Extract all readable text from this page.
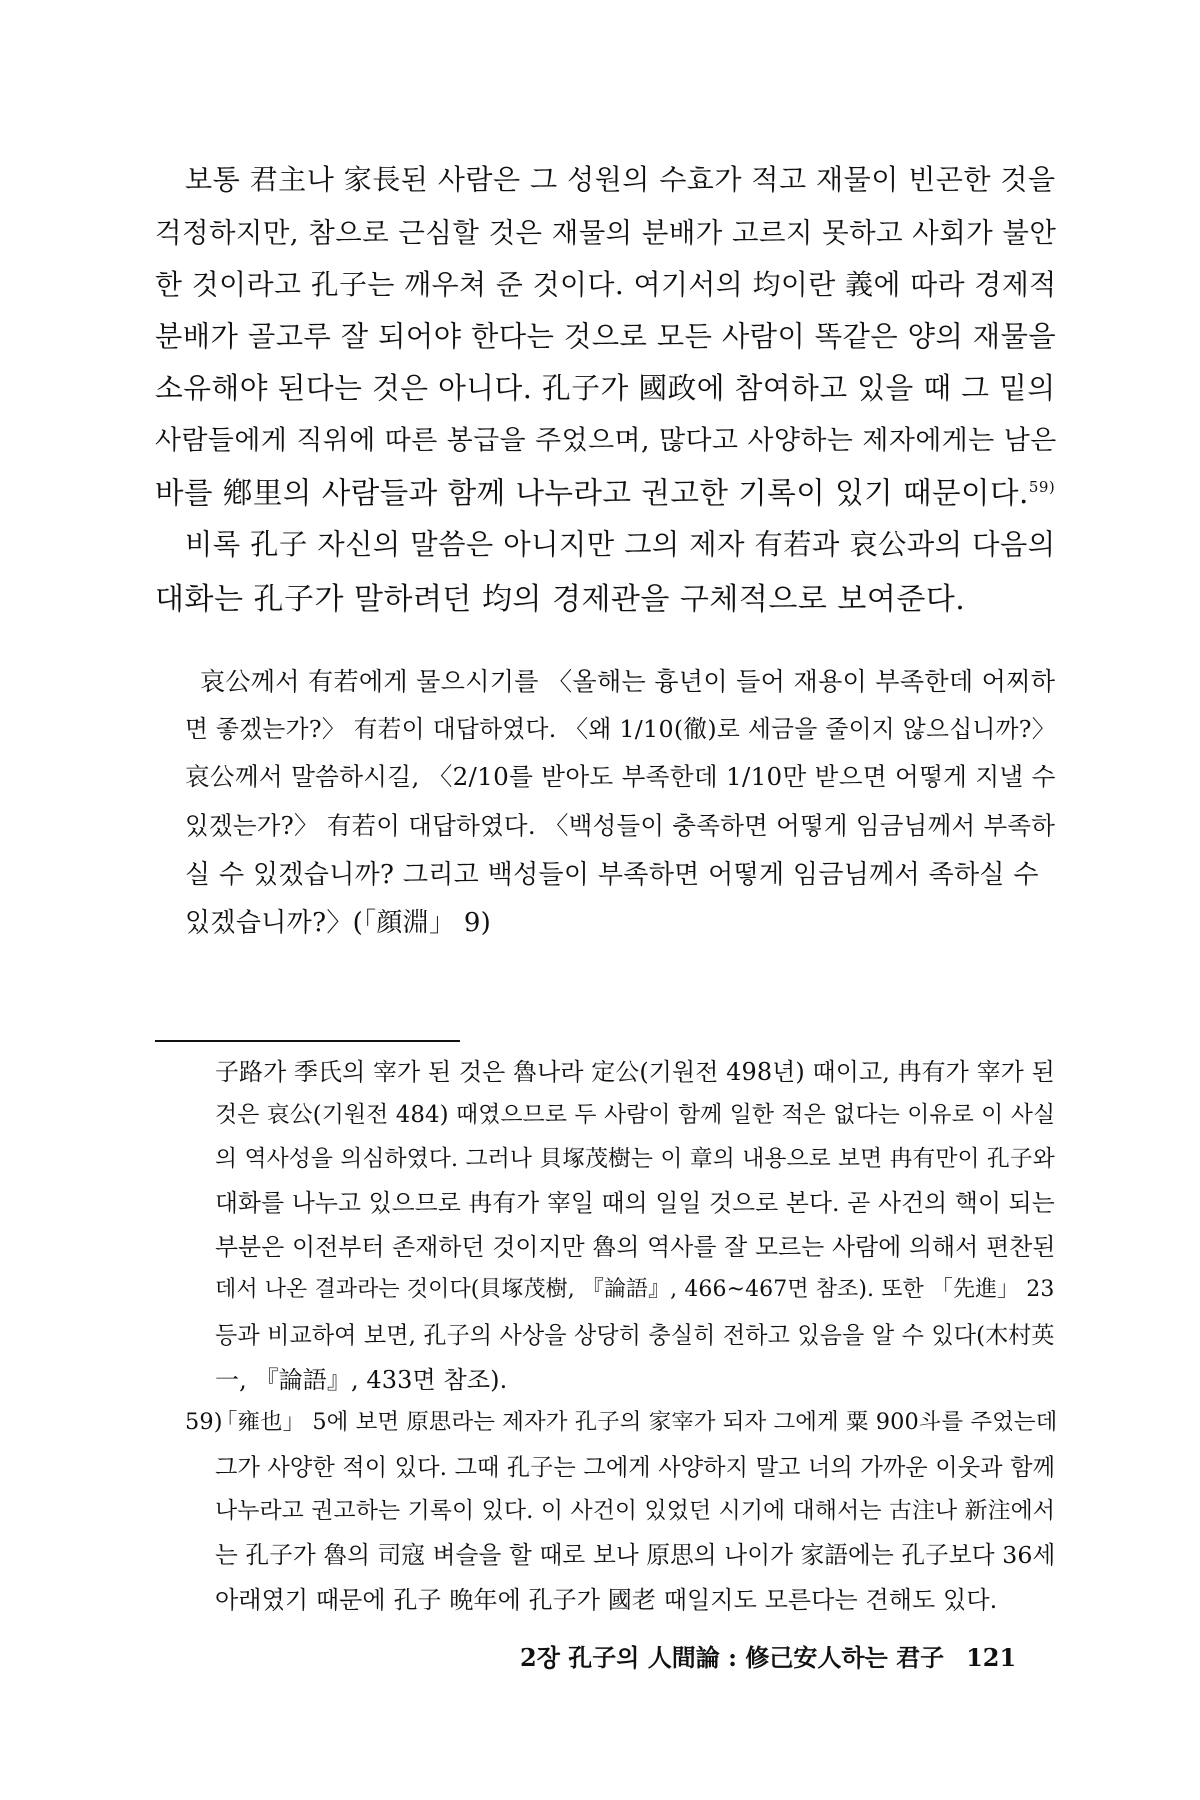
보통 君主나 家長된 사람은 그 성원의 수효가 적고 재물이 빈곤한 것을

걱정하지만, 참으로 근심할 것은 재물의 분배가 고르지 못하고 사회가 불안

한 것이라고 孔子는 깨우쳐 준 것이다. 여기서의 均이란 義에 따라 경제적

분배가 골고루 잘 되어야 한다는 것으로 모든 사람이 똑같은 양의 재물을

소유해야 된다는 것은 아니다. 孔子가 國政에 참여하고 있을 때 그 밑의

사람들에게 직위에 따른 봉급을 주었으며, 많다고 사양하는 제자에게는 남은

바를 鄕里의 사람들과 함께 나누라고 권고한 기록이 있기 때문이다.$^{59)}$

비록 孔子 자신의 말씀은 아니지만 그의 제자 有若과 哀公과의 다음의

대화는 孔子가 말하려던 均의 경제관을 구체적으로 보여준다.

哀公께서 有若에게 물으시기를 〈올해는 흉년이 들어 재용이 부족한데 어찌하

면 좋겠는가?〉 有若이 대답하였다. 〈왜 1/10(徹)로 세금을 줄이지 않으십니까?〉

哀公께서 말씀하시길, 〈2/10를 받아도 부족한데 1/10만 받으면 어떻게 지낼 수

있겠는가?〉 有若이 대답하였다. 〈백성들이 충족하면 어떻게 임금님께서 부족하

실 수 있겠습니까? 그리고 백성들이 부족하면 어떻게 임금님께서 족하실 수

있겠습니까?〉(「顔淵」 9)

子路가 季氏의 宰가 된 것은 魯나라 定公(기원전 498년) 때이고, 冉有가 宰가 된

것은 哀公(기원전 484) 때였으므로 두 사람이 함께 일한 적은 없다는 이유로 이 사실

의 역사성을 의심하였다. 그러나 貝塚茂樹는 이 章의 내용으로 보면 冉有만이 孔子와

대화를 나누고 있으므로 冉有가 宰일 때의 일일 것으로 본다. 곧 사건의 핵이 되는

부분은 이전부터 존재하던 것이지만 魯의 역사를 잘 모르는 사람에 의해서 편찬된

데서 나온 결과라는 것이다(貝塚茂樹, 『論語』, 466~467면 참조). 또한 「先進」 23

등과 비교하여 보면, 孔子의 사상을 상당히 충실히 전하고 있음을 알 수 있다(木村英

一, 『論語』, 433면 참조).

59)「雍也」 5에 보면 原思라는 제자가 孔子의 家宰가 되자 그에게 粟 900斗를 주었는데

그가 사양한 적이 있다. 그때 孔子는 그에게 사양하지 말고 너의 가까운 이웃과 함께

나누라고 권고하는 기록이 있다. 이 사건이 있었던 시기에 대해서는 古注나 新注에서

는 孔子가 魯의 司寇 벼슬을 할 때로 보나 原思의 나이가 家語에는 孔子보다 36세

아래였기 때문에 孔子 晩年에 孔子가 國老 때일지도 모른다는 견해도 있다.

2장 孔子의 人間論 : 修己安人하는 君子 121
